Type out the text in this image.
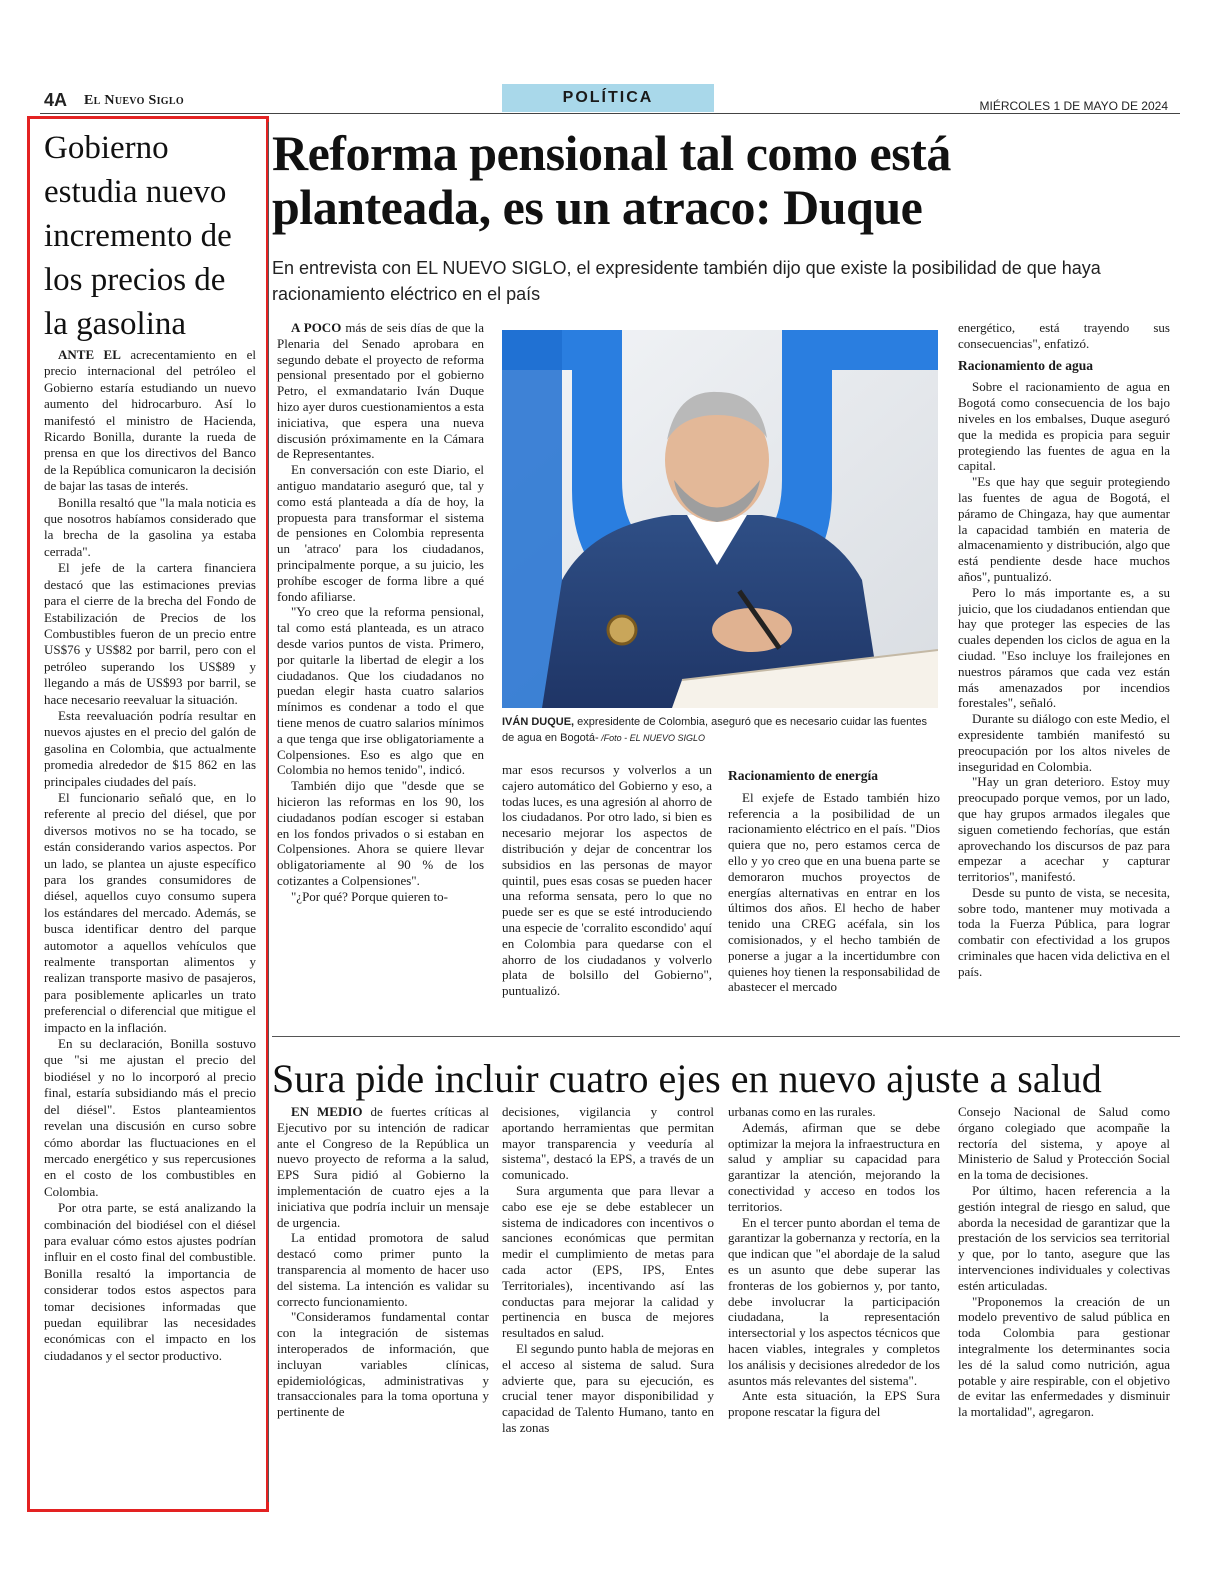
4A El Nuevo Siglo	POLÍTICA	MIÉRCOLES 1 DE MAYO DE 2024
Gobierno estudia nuevo incremento de los precios de la gasolina

ANTE EL acrecentamiento en el precio internacional del petróleo el Gobierno estaría estudiando un nuevo aumento del hidrocarburo. Así lo manifestó el ministro de Hacienda, Ricardo Bonilla, durante la rueda de prensa en que los directivos del Banco de la República comunicaron la decisión de bajar las tasas de interés.

Bonilla resaltó que "la mala noticia es que nosotros habíamos considerado que la brecha de la gasolina ya estaba cerrada".

El jefe de la cartera financiera destacó que las estimaciones previas para el cierre de la brecha del Fondo de Estabilización de Precios de los Combustibles fueron de un precio entre US$76 y US$82 por barril, pero con el petróleo superando los US$89 y llegando a más de US$93 por barril, se hace necesario reevaluar la situación.

Esta reevaluación podría resultar en nuevos ajustes en el precio del galón de gasolina en Colombia, que actualmente promedia alrededor de $15 862 en las principales ciudades del país.

El funcionario señaló que, en lo referente al precio del diésel, que por diversos motivos no se ha tocado, se están considerando varios aspectos. Por un lado, se plantea un ajuste específico para los grandes consumidores de diésel, aquellos cuyo consumo supera los estándares del mercado. Además, se busca identificar dentro del parque automotor a aquellos vehículos que realmente transportan alimentos y realizan transporte masivo de pasajeros, para posiblemente aplicarles un trato preferencial o diferencial que mitigue el impacto en la inflación.

En su declaración, Bonilla sostuvo que "si me ajustan el precio del biodiésel y no lo incorporó al precio final, estaría subsidiando más el precio del diésel". Estos planteamientos revelan una discusión en curso sobre cómo abordar las fluctuaciones en el mercado energético y sus repercusiones en el costo de los combustibles en Colombia.

Por otra parte, se está analizando la combinación del biodiésel con el diésel para evaluar cómo estos ajustes podrían influir en el costo final del combustible. Bonilla resaltó la importancia de considerar todos estos aspectos para tomar decisiones informadas que puedan equilibrar las necesidades económicas con el impacto en los ciudadanos y el sector productivo.

Reforma pensional tal como está planteada, es un atraco: Duque
En entrevista con EL NUEVO SIGLO, el expresidente también dijo que existe la posibilidad de que haya racionamiento eléctrico en el país

A POCO más de seis días de que la Plenaria del Senado aprobara en segundo debate el proyecto de reforma pensional presentado por el gobierno Petro, el exmandatario Iván Duque hizo ayer duros cuestionamientos a esta iniciativa, que espera una nueva discusión próximamente en la Cámara de Representantes.

En conversación con este Diario, el antiguo mandatario aseguró que, tal y como está planteada a día de hoy, la propuesta para transformar el sistema de pensiones en Colombia representa un 'atraco' para los ciudadanos, principalmente porque, a su juicio, les prohíbe escoger de forma libre a qué fondo afiliarse.

"Yo creo que la reforma pensional, tal como está planteada, es un atraco desde varios puntos de vista. Primero, por quitarle la libertad de elegir a los ciudadanos. Que los ciudadanos no puedan elegir hasta cuatro salarios mínimos es condenar a todo el que tiene menos de cuatro salarios mínimos a que tenga que irse obligatoriamente a Colpensiones. Eso es algo que en Colombia no hemos tenido", indicó.

También dijo que "desde que se hicieron las reformas en los 90, los ciudadanos podían escoger si estaban en los fondos privados o si estaban en Colpensiones. Ahora se quiere llevar obligatoriamente al 90 % de los cotizantes a Colpensiones".

"¿Por qué? Porque quieren to-

IVÁN DUQUE, expresidente de Colombia, aseguró que es necesario cuidar las fuentes de agua en Bogotá- /Foto - EL NUEVO SIGLO

mar esos recursos y volverlos a un cajero automático del Gobierno y eso, a todas luces, es una agresión al ahorro de los ciudadanos. Por otro lado, si bien es necesario mejorar los aspectos de distribución y dejar de concentrar los subsidios en las personas de mayor quintil, pues esas cosas se pueden hacer una reforma sensata, pero lo que no puede ser es que se esté introduciendo una especie de 'corralito escondido' aquí en Colombia para quedarse con el ahorro de los ciudadanos y volverlo plata de bolsillo del Gobierno", puntualizó.

Racionamiento de energía

El exjefe de Estado también hizo referencia a la posibilidad de un racionamiento eléctrico en el país. "Dios quiera que no, pero estamos cerca de ello y yo creo que en una buena parte se demoraron muchos proyectos de energías alternativas en entrar en los últimos dos años. El hecho de haber tenido una CREG acéfala, sin los comisionados, y el hecho también de ponerse a jugar a la incertidumbre con quienes hoy tienen la responsabilidad de abastecer el mercado

energético, está trayendo sus consecuencias", enfatizó.

Racionamiento de agua

Sobre el racionamiento de agua en Bogotá como consecuencia de los bajo niveles en los embalses, Duque aseguró que la medida es propicia para seguir protegiendo las fuentes de agua en la capital.

"Es que hay que seguir protegiendo las fuentes de agua de Bogotá, el páramo de Chingaza, hay que aumentar la capacidad también en materia de almacenamiento y distribución, algo que está pendiente desde hace muchos años", puntualizó.

Pero lo más importante es, a su juicio, que los ciudadanos entiendan que hay que proteger las especies de las cuales dependen los ciclos de agua en la ciudad. "Eso incluye los frailejones en nuestros páramos que cada vez están más amenazados por incendios forestales", señaló.

Durante su diálogo con este Medio, el expresidente también manifestó su preocupación por los altos niveles de inseguridad en Colombia.

"Hay un gran deterioro. Estoy muy preocupado porque vemos, por un lado, que hay grupos armados ilegales que siguen cometiendo fechorías, que están aprovechando los discursos de paz para empezar a acechar y capturar territorios", manifestó.

Desde su punto de vista, se necesita, sobre todo, mantener muy motivada a toda la Fuerza Pública, para lograr combatir con efectividad a los grupos criminales que hacen vida delictiva en el país.

Sura pide incluir cuatro ejes en nuevo ajuste a salud

EN MEDIO de fuertes críticas al Ejecutivo por su intención de radicar ante el Congreso de la República un nuevo proyecto de reforma a la salud, EPS Sura pidió al Gobierno la implementación de cuatro ejes a la iniciativa que podría incluir un mensaje de urgencia.

La entidad promotora de salud destacó como primer punto la transparencia al momento de hacer uso del sistema. La intención es validar su correcto funcionamiento.

"Consideramos fundamental contar con la integración de sistemas interoperados de información, que incluyan variables clínicas, epidemiológicas, administrativas y transaccionales para la toma oportuna y pertinente de

decisiones, vigilancia y control aportando herramientas que permitan mayor transparencia y veeduría al sistema", destacó la EPS, a través de un comunicado.

Sura argumenta que para llevar a cabo ese eje se debe establecer un sistema de indicadores con incentivos o sanciones económicas que permitan medir el cumplimiento de metas para cada actor (EPS, IPS, Entes Territoriales), incentivando así las conductas para mejorar la calidad y pertinencia en busca de mejores resultados en salud.

El segundo punto habla de mejoras en el acceso al sistema de salud. Sura advierte que, para su ejecución, es crucial tener mayor disponibilidad y capacidad de Talento Humano, tanto en las zonas

urbanas como en las rurales.

Además, afirman que se debe optimizar la mejora la infraestructura en salud y ampliar su capacidad para garantizar la atención, mejorando la conectividad y acceso en todos los territorios.

En el tercer punto abordan el tema de garantizar la gobernanza y rectoría, en la que indican que "el abordaje de la salud es un asunto que debe superar las fronteras de los gobiernos y, por tanto, debe involucrar la participación ciudadana, la representación intersectorial y los aspectos técnicos que hacen viables, integrales y completos los análisis y decisiones alrededor de los asuntos más relevantes del sistema".

Ante esta situación, la EPS Sura propone rescatar la figura del

Consejo Nacional de Salud como órgano colegiado que acompañe la rectoría del sistema, y apoye al Ministerio de Salud y Protección Social en la toma de decisiones.

Por último, hacen referencia a la gestión integral de riesgo en salud, que aborda la necesidad de garantizar que la prestación de los servicios sea territorial y que, por lo tanto, asegure que las intervenciones individuales y colectivas estén articuladas.

"Proponemos la creación de un modelo preventivo de salud pública en toda Colombia para gestionar integralmente los determinantes socia les dé la salud como nutrición, agua potable y aire respirable, con el objetivo de evitar las enfermedades y disminuir la mortalidad", agregaron.
